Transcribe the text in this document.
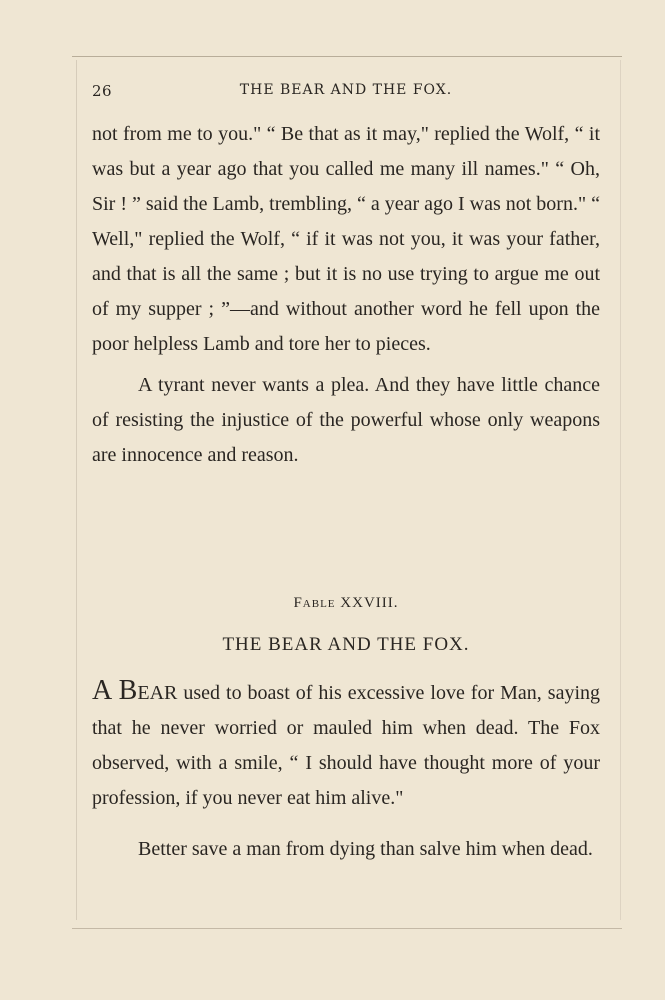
26	THE BEAR AND THE FOX.

not from me to you." “ Be that as it may," replied the Wolf, “ it was but a year ago that you called me many ill names." “ Oh, Sir ! ” said the Lamb, trembling, “ a year ago I was not born." “ Well," replied the Wolf, “ if it was not you, it was your father, and that is all the same ; but it is no use trying to argue me out of my supper ; ”—and without another word he fell upon the poor helpless Lamb and tore her to pieces.

A tyrant never wants a plea. And they have little chance of resisting the injustice of the powerful whose only weapons are innocence and reason.

Fable XXVIII.
THE BEAR AND THE FOX.

A Bear used to boast of his excessive love for Man, saying that he never worried or mauled him when dead. The Fox observed, with a smile, “ I should have thought more of your profession, if you never eat him alive."

Better save a man from dying than salve him when dead.
